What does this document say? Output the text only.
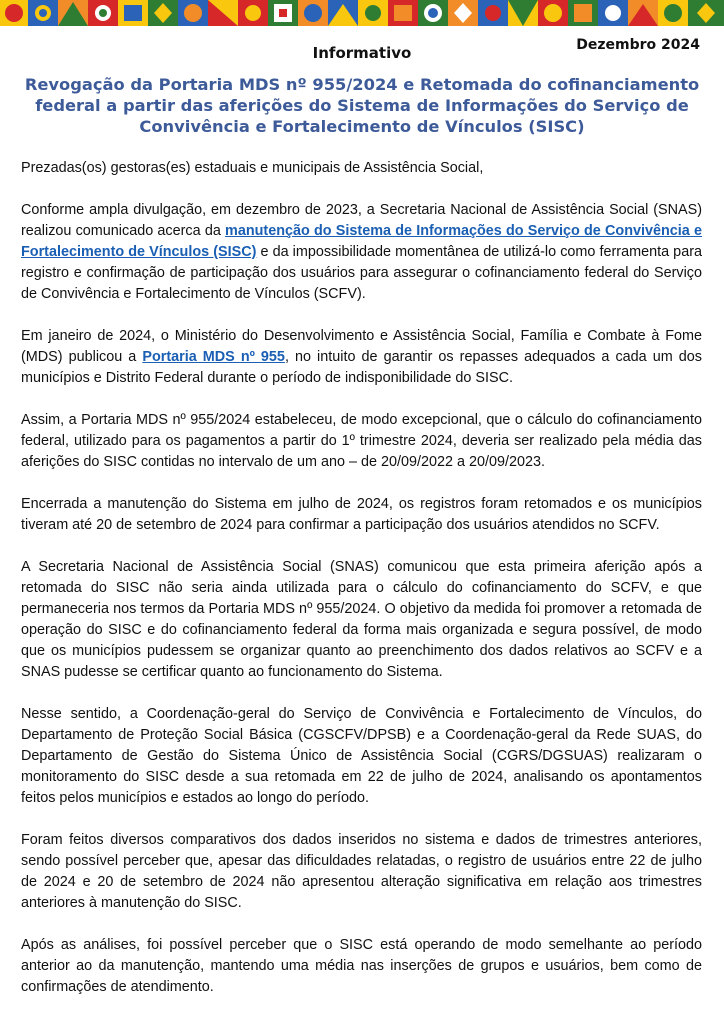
Dezembro 2024
Informativo
Revogação da Portaria MDS nº 955/2024 e Retomada do cofinanciamento federal a partir das aferições do Sistema de Informações do Serviço de Convivência e Fortalecimento de Vínculos (SISC)

Prezadas(os) gestoras(es) estaduais e municipais de Assistência Social,

Conforme ampla divulgação, em dezembro de 2023, a Secretaria Nacional de Assistência Social (SNAS) realizou comunicado acerca da manutenção do Sistema de Informações do Serviço de Convivência e Fortalecimento de Vínculos (SISC) e da impossibilidade momentânea de utilizá-lo como ferramenta para registro e confirmação de participação dos usuários para assegurar o cofinanciamento federal do Serviço de Convivência e Fortalecimento de Vínculos (SCFV).

Em janeiro de 2024, o Ministério do Desenvolvimento e Assistência Social, Família e Combate à Fome (MDS) publicou a Portaria MDS nº 955, no intuito de garantir os repasses adequados a cada um dos municípios e Distrito Federal durante o período de indisponibilidade do SISC.

Assim, a Portaria MDS nº 955/2024 estabeleceu, de modo excepcional, que o cálculo do cofinanciamento federal, utilizado para os pagamentos a partir do 1º trimestre 2024, deveria ser realizado pela média das aferições do SISC contidas no intervalo de um ano – de 20/09/2022 a 20/09/2023.

Encerrada a manutenção do Sistema em julho de 2024, os registros foram retomados e os municípios tiveram até 20 de setembro de 2024 para confirmar a participação dos usuários atendidos no SCFV.

A Secretaria Nacional de Assistência Social (SNAS) comunicou que esta primeira aferição após a retomada do SISC não seria ainda utilizada para o cálculo do cofinanciamento do SCFV, e que permaneceria nos termos da Portaria MDS nº 955/2024. O objetivo da medida foi promover a retomada de operação do SISC e do cofinanciamento federal da forma mais organizada e segura possível, de modo que os municípios pudessem se organizar quanto ao preenchimento dos dados relativos ao SCFV e a SNAS pudesse se certificar quanto ao funcionamento do Sistema.

Nesse sentido, a Coordenação-geral do Serviço de Convivência e Fortalecimento de Vínculos, do Departamento de Proteção Social Básica (CGSCFV/DPSB) e a Coordenação-geral da Rede SUAS, do Departamento de Gestão do Sistema Único de Assistência Social (CGRS/DGSUAS) realizaram o monitoramento do SISC desde a sua retomada em 22 de julho de 2024, analisando os apontamentos feitos pelos municípios e estados ao longo do período.

Foram feitos diversos comparativos dos dados inseridos no sistema e dados de trimestres anteriores, sendo possível perceber que, apesar das dificuldades relatadas, o registro de usuários entre 22 de julho de 2024 e 20 de setembro de 2024 não apresentou alteração significativa em relação aos trimestres anteriores à manutenção do SISC.

Após as análises, foi possível perceber que o SISC está operando de modo semelhante ao período anterior ao da manutenção, mantendo uma média nas inserções de grupos e usuários, bem como de confirmações de atendimento.
